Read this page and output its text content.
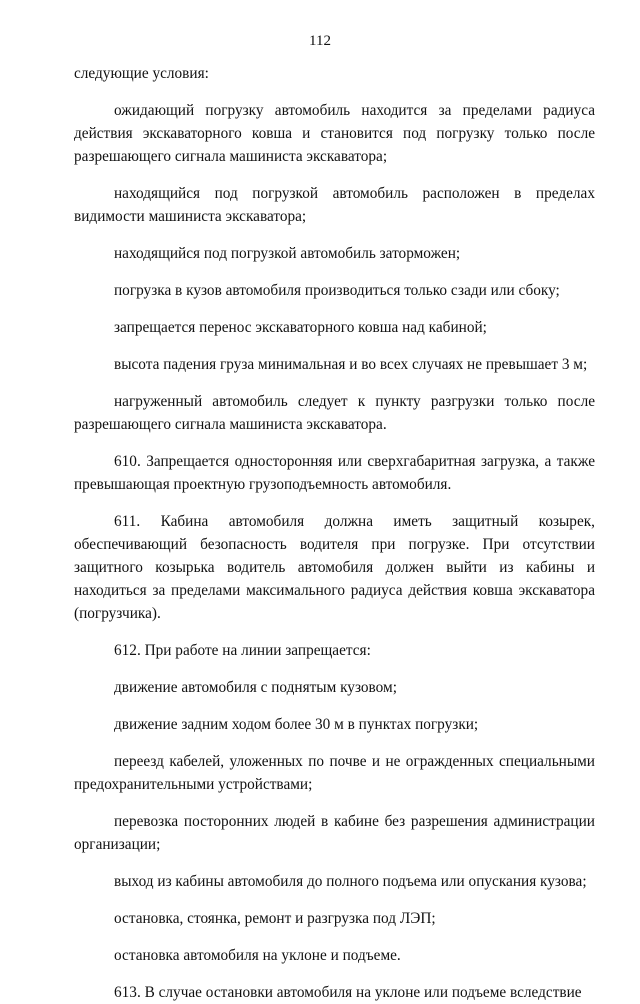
112

следующие условия:

ожидающий погрузку автомобиль находится за пределами радиуса действия экскаваторного ковша и становится под погрузку только после разрешающего сигнала машиниста экскаватора;

находящийся под погрузкой автомобиль расположен в пределах видимости машиниста экскаватора;

находящийся под погрузкой автомобиль заторможен;

погрузка в кузов автомобиля производиться только сзади или сбоку;

запрещается перенос экскаваторного ковша над кабиной;

высота падения груза минимальная и во всех случаях не превышает 3 м;

нагруженный автомобиль следует к пункту разгрузки только после разрешающего сигнала машиниста экскаватора.

610. Запрещается односторонняя или сверхгабаритная загрузка, а также превышающая проектную грузоподъемность автомобиля.

611. Кабина автомобиля должна иметь защитный козырек, обеспечивающий безопасность водителя при погрузке. При отсутствии защитного козырька водитель автомобиля должен выйти из кабины и находиться за пределами максимального радиуса действия ковша экскаватора (погрузчика).

612. При работе на линии запрещается:

движение автомобиля с поднятым кузовом;

движение задним ходом более 30 м в пунктах погрузки;

переезд кабелей, уложенных по почве и не огражденных специальными предохранительными устройствами;

перевозка посторонних людей в кабине без разрешения администрации организации;

выход из кабины автомобиля до полного подъема или опускания кузова;

остановка, стоянка, ремонт и разгрузка под ЛЭП;

остановка автомобиля на уклоне и подъеме.

613. В случае остановки автомобиля на уклоне или подъеме вследствие
